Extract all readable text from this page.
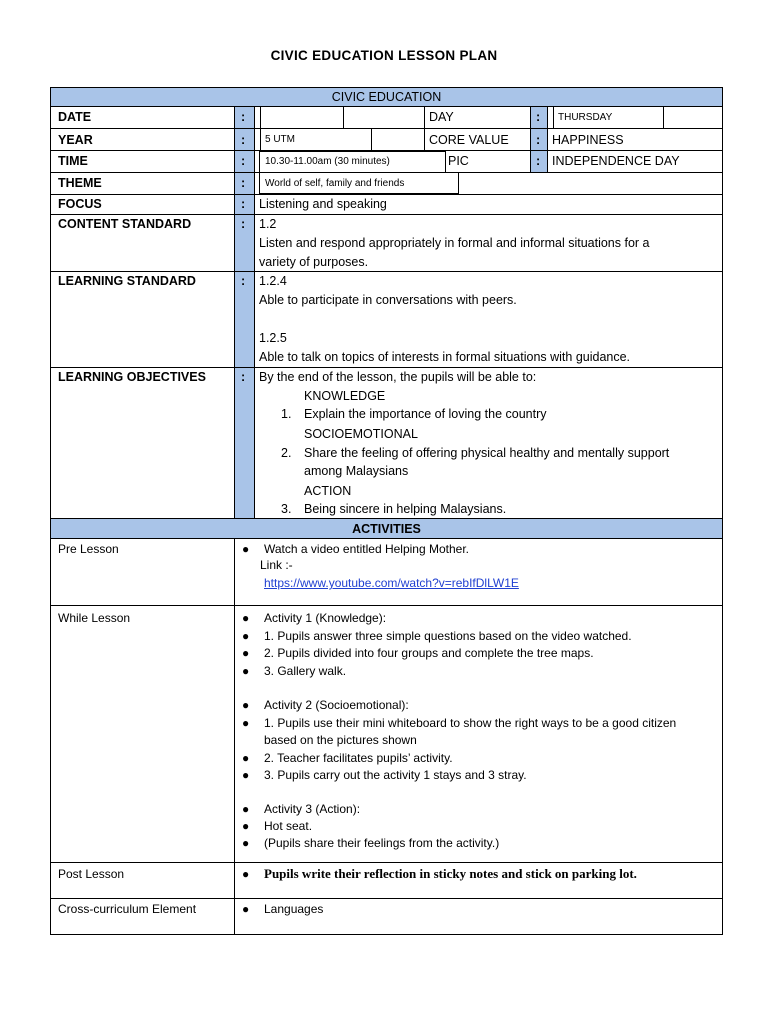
CIVIC EDUCATION LESSON PLAN
CIVIC EDUCATION
DATE	:	DAY	: THURSDAY
YEAR	: 5 UTM	CORE VALUE : HAPPINESS
TIME	: 10.30-11.00am (30 minutes)	PIC	: INDEPENDENCE DAY
THEME	: World of self, family and friends
FOCUS	: Listening and speaking
CONTENT STANDARD	: 1.2
Listen and respond appropriately in formal and informal situations for a
variety of purposes.
LEARNING STANDARD	: 1.2.4
Able to participate in conversations with peers.
1.2.5
Able to talk on topics of interests in formal situations with guidance.
LEARNING OBJECTIVES	: By the end of the lesson, the pupils will be able to:
KNOWLEDGE
1. Explain the importance of loving the country
SOCIOEMOTIONAL
2. Share the feeling of offering physical healthy and mentally support
among Malaysians
ACTION
3. Being sincere in helping Malaysians.
ACTIVITIES
Pre Lesson	● Watch a video entitled Helping Mother.
Link :-
https://www.youtube.com/watch?v=rebIfDlLW1E
While Lesson	● Activity 1 (Knowledge):
● 1. Pupils answer three simple questions based on the video watched.
● 2. Pupils divided into four groups and complete the tree maps.
● 3. Gallery walk.
● Activity 2 (Socioemotional):
● 1. Pupils use their mini whiteboard to show the right ways to be a good citizen
based on the pictures shown
● 2. Teacher facilitates pupils’ activity.
● 3. Pupils carry out the activity 1 stays and 3 stray.
● Activity 3 (Action):
● Hot seat.
● (Pupils share their feelings from the activity.)
Post Lesson	● Pupils write their reflection in sticky notes and stick on parking lot.
Cross-curriculum Element	● Languages
